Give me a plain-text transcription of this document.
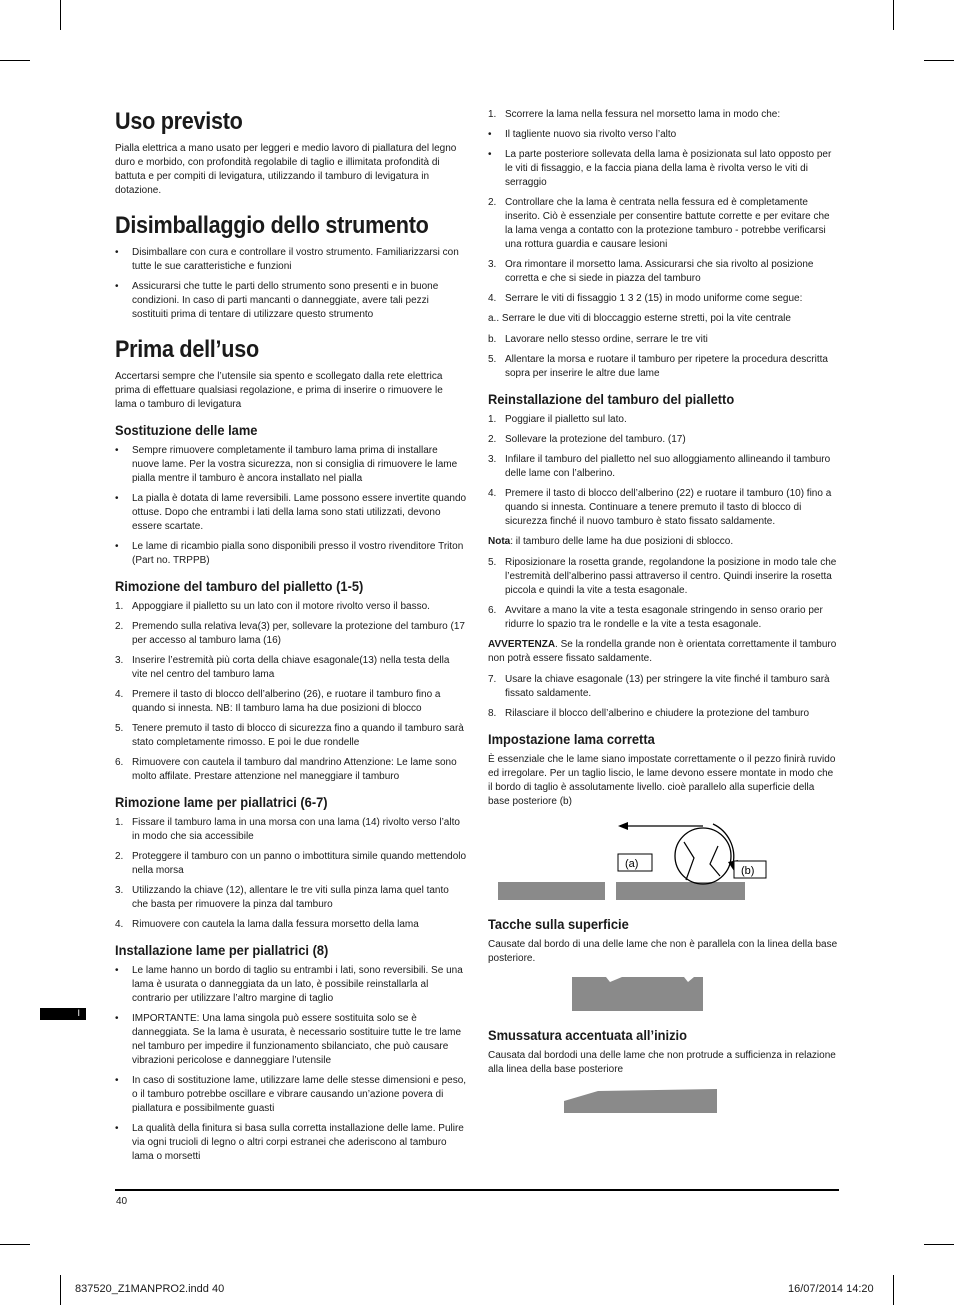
Uso previsto

Pialla elettrica a mano usato per leggeri e medio lavoro di piallatura del legno duro e morbido, con profondità regolabile di taglio e illimitata profondità di battuta e per compiti di levigatura, utilizzando il tamburo di levigatura in dotazione.

Disimballaggio dello strumento
• Disimballare con cura e controllare il vostro strumento. Familiarizzarsi con tutte le sue caratteristiche e funzioni
• Assicurarsi che tutte le parti dello strumento sono presenti e in buone condizioni. In caso di parti mancanti o danneggiate, avere tali pezzi sostituiti prima di tentare di utilizzare questo strumento
Prima dell’uso

Accertarsi sempre che l’utensile sia spento e scollegato dalla rete elettrica prima di effettuare qualsiasi regolazione, e prima di inserire o rimuovere le lama o tamburo di levigatura

Sostituzione delle lame
• Sempre rimuovere completamente il tamburo lama prima di installare nuove lame. Per la vostra sicurezza, non si consiglia di rimuovere le lame pialla mentre il tamburo è ancora installato nel pialla
• La pialla è dotata di lame reversibili. Lame possono essere invertite quando ottuse. Dopo che entrambi i lati della lama sono stati utilizzati, devono essere scartate.
• Le lame di ricambio pialla sono disponibili presso il vostro rivenditore Triton (Part no. TRPPB)
Rimozione del tamburo del pialletto (1-5)
1. Appoggiare il pialletto su un lato con il motore rivolto verso il basso.
2. Premendo sulla relativa leva(3) per, sollevare la protezione del tamburo (17 per accesso al tamburo lama (16)
3. Inserire l’estremità più corta della chiave esagonale(13) nella testa della vite nel centro del tamburo lama
4. Premere il tasto di blocco dell’alberino (26), e ruotare il tamburo fino a quando si innesta. NB: Il tamburo lama ha due posizioni di blocco
5. Tenere premuto il tasto di blocco di sicurezza fino a quando il tamburo sarà stato completamente rimosso. E poi le due rondelle
6. Rimuovere con cautela il tamburo dal mandrino Attenzione: Le lame sono molto affilate. Prestare attenzione nel maneggiare il tamburo
Rimozione lame per piallatrici (6-7)
1. Fissare il tamburo lama in una morsa con una lama (14) rivolto verso l’alto in modo che sia accessibile
2. Proteggere il tamburo con un panno o imbottitura simile quando mettendolo nella morsa
3. Utilizzando la chiave (12), allentare le tre viti sulla pinza lama quel tanto che basta per rimuovere la pinza dal tamburo
4. Rimuovere con cautela la lama dalla fessura morsetto della lama
Installazione lame per piallatrici (8)
• Le lame hanno un bordo di taglio su entrambi i lati, sono reversibili. Se una lama è usurata o danneggiata da un lato, è possibile reinstallarla al contrario per utilizzare l’altro margine di taglio
• IMPORTANTE: Una lama singola può essere sostituita solo se è danneggiata. Se la lama è usurata, è necessario sostituire tutte le tre lame nel tamburo per impedire il funzionamento sbilanciato, che può causare vibrazioni pericolose e danneggiare l’utensile
• In caso di sostituzione lame, utilizzare lame delle stesse dimensioni e peso, o il tamburo potrebbe oscillare e vibrare causando un’azione povera di piallatura e possibilmente guasti
• La qualità della finitura si basa sulla corretta installazione delle lame. Pulire via ogni trucioli di legno o altri corpi estranei che aderiscono al tamburo lama o morsetti
1. Scorrere la lama nella fessura nel morsetto lama in modo che:
• Il tagliente nuovo sia rivolto verso l’alto
• La parte posteriore sollevata della lama è posizionata sul lato opposto per le viti di fissaggio, e la faccia piana della lama è rivolta verso le viti di serraggio
2. Controllare che la lama è centrata nella fessura ed è completamente inserito. Ciò è essenziale per consentire battute corrette e per evitare che la lama venga a contatto con la protezione tamburo - potrebbe verificarsi una rottura guardia e causare lesioni
3. Ora rimontare il morsetto lama. Assicurarsi che sia rivolto al posizione corretta e che si siede in piazza del tamburo
4. Serrare le viti di fissaggio 1 3 2 (15) in modo uniforme come segue:

a.. Serrare le due viti di bloccaggio esterne stretti, poi la vite centrale

b. Lavorare nello stesso ordine, serrare le tre viti
5. Allentare la morsa e ruotare il tamburo per ripetere la procedura descritta sopra per inserire le altre due lame
Reinstallazione del tamburo del pialletto
1. Poggiare il pialletto sul lato.
2. Sollevare la protezione del tamburo. (17)
3. Infilare il tamburo del pialletto nel suo alloggiamento allineando il tamburo delle lame con l’alberino.
4. Premere il tasto di blocco dell’alberino (22) e ruotare il tamburo (10) fino a quando si innesta. Continuare a tenere premuto il tasto di blocco di sicurezza finché il nuovo tamburo è stato fissato saldamente.

Nota: il tamburo delle lame ha due posizioni di sblocco.

5. Riposizionare la rosetta grande, regolandone la posizione in modo tale che l’estremità dell’alberino passi attraverso il centro. Quindi inserire la rosetta piccola e quindi la vite a testa esagonale.
6. Avvitare a mano la vite a testa esagonale stringendo in senso orario per ridurre lo spazio tra le rondelle e la vite a testa esagonale.

AVVERTENZA. Se la rondella grande non è orientata correttamente il tamburo non potrà essere fissato saldamente.

7. Usare la chiave esagonale (13) per stringere la vite finché il tamburo sarà fissato saldamente.
8. Rilasciare il blocco dell’alberino e chiudere la protezione del tamburo
Impostazione lama corretta

È essenziale che le lame siano impostate correttamente o il pezzo finirà ruvido ed irregolare. Per un taglio liscio, le lame devono essere montate in modo che il bordo di taglio è assolutamente livello. cioè parallelo alla superficie della base posteriore (b)

(a)
(b)
Tacche sulla superficie

Causate dal bordo di una delle lame che non è parallela con la linea della base posteriore.

Smussatura accentuata all’inizio

Causata dal bordodi una delle lame che non protrude a sufficienza in relazione alla linea della base posteriore

I
40
837520_Z1MANPRO2.indd 40	16/07/2014 14:20
